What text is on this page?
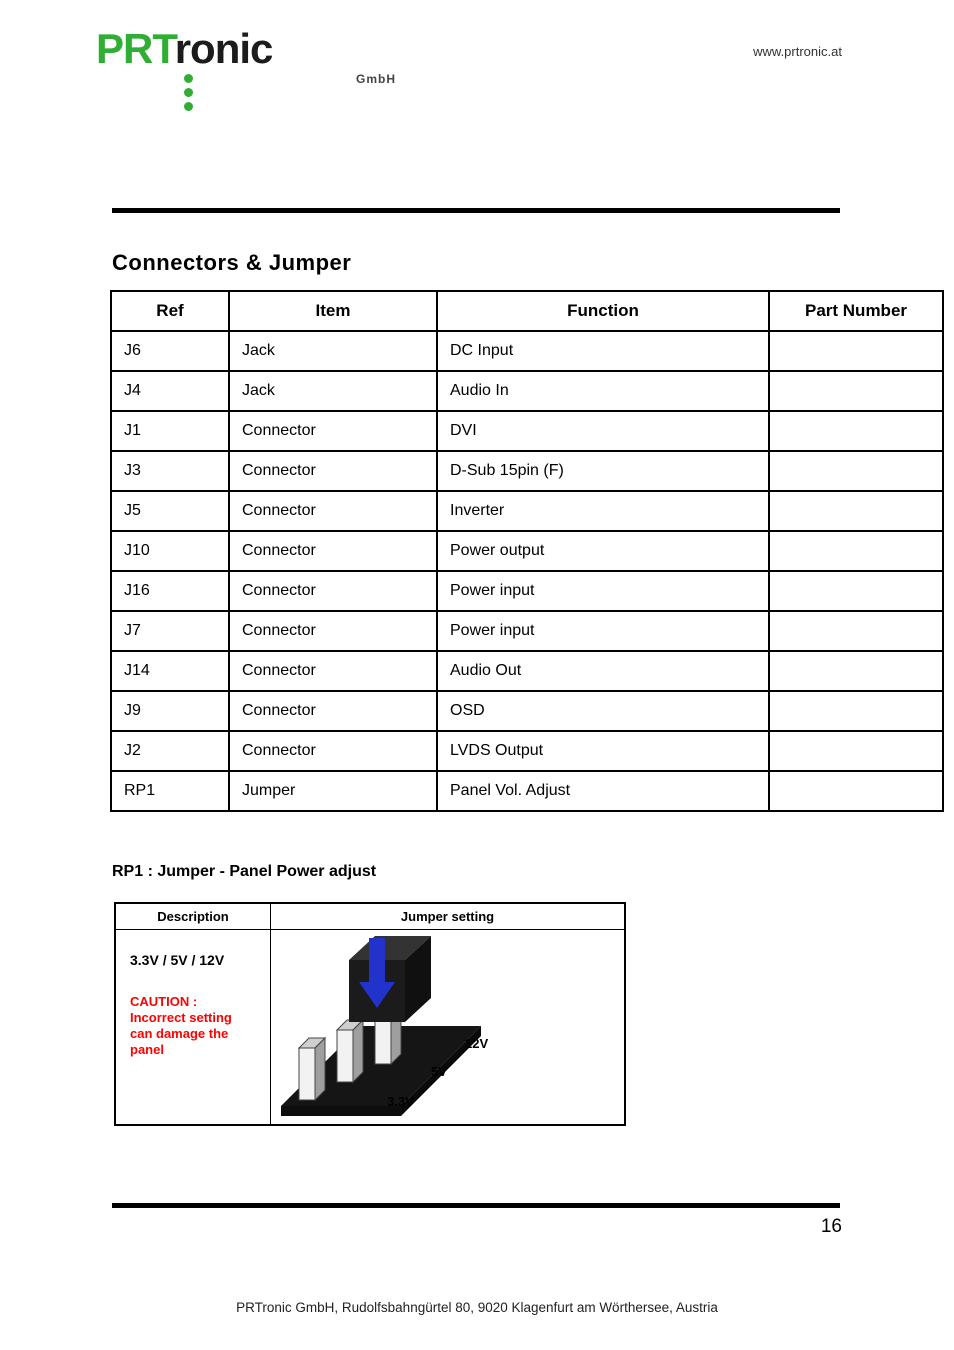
PRTronic
GmbH
www.prtronic.at
Connectors & Jumper
Ref	Item	Function	Part Number
J6	Jack	DC Input	
J4	Jack	Audio In	
J1	Connector	DVI	
J3	Connector	D-Sub 15pin (F)	
J5	Connector	Inverter	
J10	Connector	Power output	
J16	Connector	Power input	
J7	Connector	Power input	
J14	Connector	Audio Out	
J9	Connector	OSD	
J2	Connector	LVDS Output	
RP1	Jumper	Panel Vol. Adjust	
RP1 : Jumper - Panel Power adjust
Description	Jumper setting
3.3V / 5V / 12V
CAUTION :
Incorrect setting
can damage the
panel	12V
5V
3.3V
16
PRTronic GmbH, Rudolfsbahngürtel 80, 9020 Klagenfurt am Wörthersee, Austria
